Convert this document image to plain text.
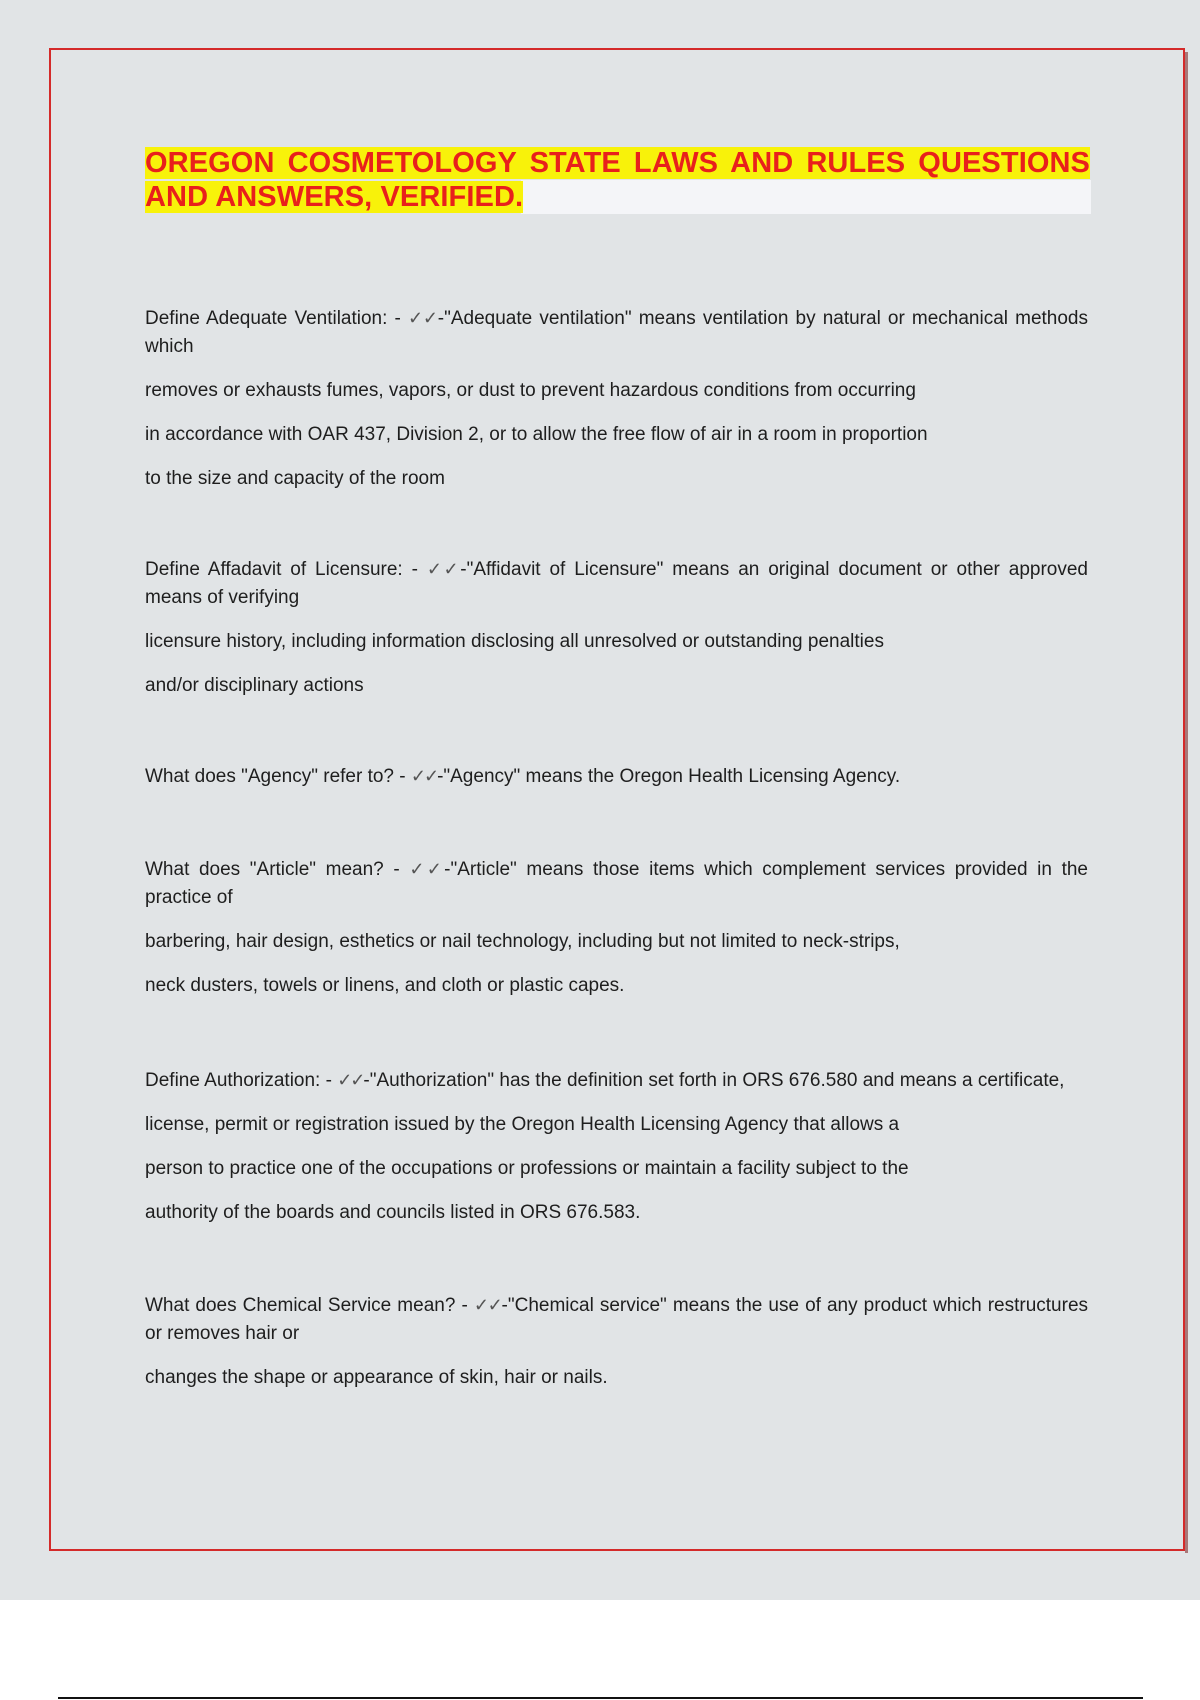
OREGON COSMETOLOGY STATE LAWS AND RULES QUESTIONS AND ANSWERS, VERIFIED.

Define Adequate Ventilation: - ✓✓-"Adequate ventilation" means ventilation by natural or mechanical methods which

removes or exhausts fumes, vapors, or dust to prevent hazardous conditions from occurring

in accordance with OAR 437, Division 2, or to allow the free flow of air in a room in proportion

to the size and capacity of the room

Define Affadavit of Licensure: - ✓✓-"Affidavit of Licensure" means an original document or other approved means of verifying

licensure history, including information disclosing all unresolved or outstanding penalties

and/or disciplinary actions

What does "Agency" refer to? - ✓✓-"Agency" means the Oregon Health Licensing Agency.

What does "Article" mean? - ✓✓-"Article" means those items which complement services provided in the practice of

barbering, hair design, esthetics or nail technology, including but not limited to neck-strips,

neck dusters, towels or linens, and cloth or plastic capes.

Define Authorization: - ✓✓-"Authorization" has the definition set forth in ORS 676.580 and means a certificate,

license, permit or registration issued by the Oregon Health Licensing Agency that allows a

person to practice one of the occupations or professions or maintain a facility subject to the

authority of the boards and councils listed in ORS 676.583.

What does Chemical Service mean? - ✓✓-"Chemical service" means the use of any product which restructures or removes hair or

changes the shape or appearance of skin, hair or nails.
